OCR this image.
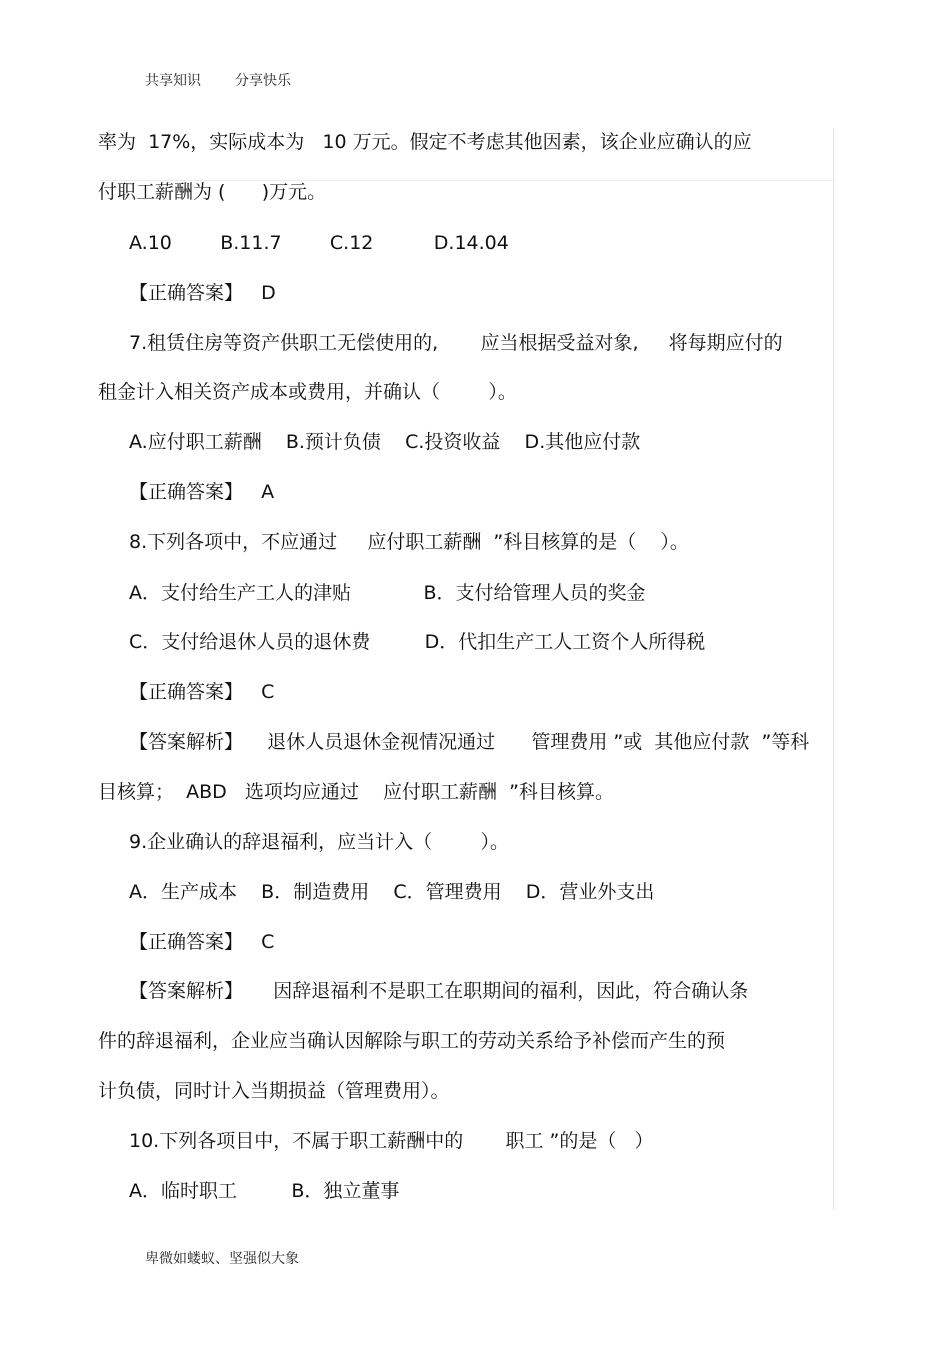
共享知识 分享快乐
率为  17%，实际成本为   10 万元。假定不考虑其他因素，该企业应确认的应
付职工薪酬为 (      )万元。
A.10        B.11.7        C.12          D.14.04
【正确答案】   D
7.租赁住房等资产供职工无偿使用的,       应当根据受益对象,     将每期应付的
租金计入相关资产成本或费用，并确认（        ）。
A.应付职工薪酬    B.预计负债    C.投资收益    D.其他应付款
【正确答案】   A
8.下列各项中，不应通过     应付职工薪酬  ”科目核算的是（    ）。
A．支付给生产工人的津贴            B．支付给管理人员的奖金
C．支付给退休人员的退休费         D．代扣生产工人工资个人所得税
【正确答案】   C
【答案解析】    退休人员退休金视情况通过      管理费用 ”或  其他应付款  ”等科
目核算；  ABD   选项均应通过    应付职工薪酬  ”科目核算。
9.企业确认的辞退福利，应当计入（        ）。
A．生产成本    B．制造费用    C．管理费用    D．营业外支出
【正确答案】   C
【答案解析】     因辞退福利不是职工在职期间的福利，因此，符合确认条
件的辞退福利，企业应当确认因解除与职工的劳动关系给予补偿而产生的预
计负债，同时计入当期损益（管理费用）。
10.下列各项目中，不属于职工薪酬中的       职工 ”的是（   ）
A．临时职工         B．独立董事
卑微如蝼蚁、坚强似大象
